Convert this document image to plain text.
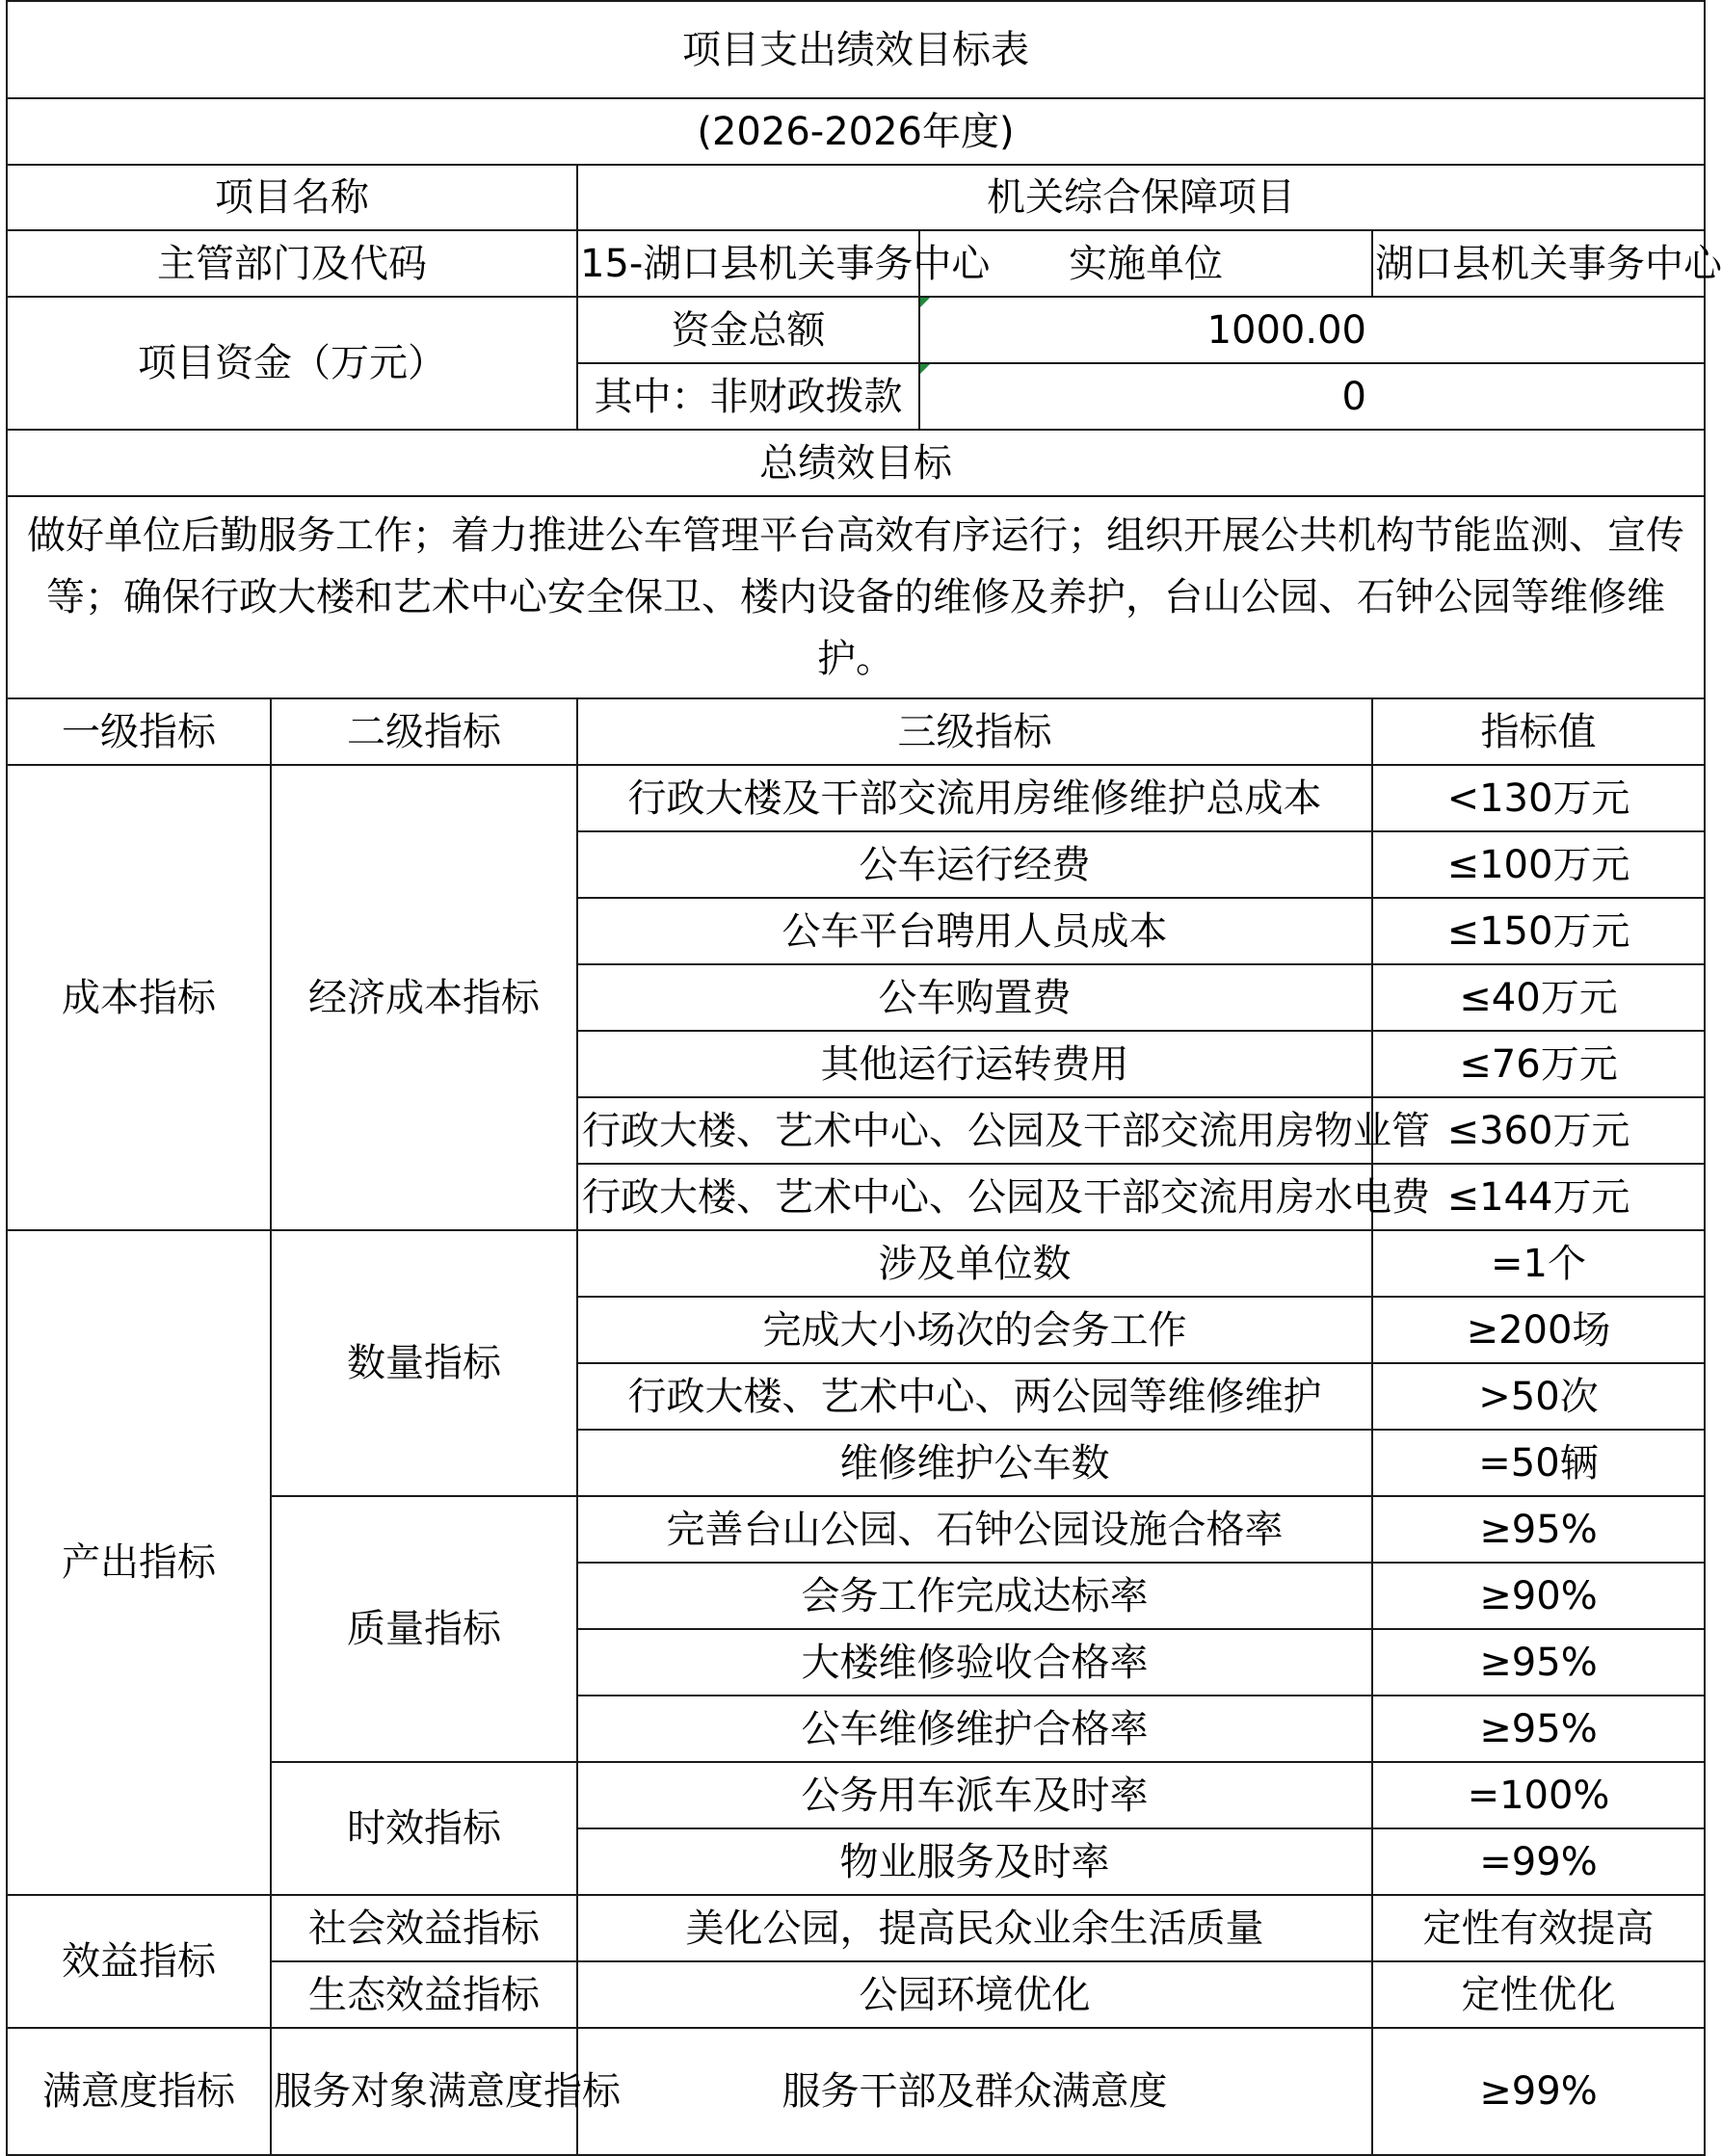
项目支出绩效目标表				
(2026-2026年度)				
项目名称		机关综合保障项目		
主管部门及代码		15-湖口县机关事务中心	实施单位	湖口县机关事务中心
项目资金（万元）		资金总额	1000.00	
		其中：非财政拨款	0	
总绩效目标				
做好单位后勤服务工作；着力推进公车管理平台高效有序运行；组织开展公共机构节能监测、宣传等；确保行政大楼和艺术中心安全保卫、楼内设备的维修及养护，台山公园、石钟公园等维修维护。				
一级指标	二级指标	三级指标		指标值
成本指标	经济成本指标	行政大楼及干部交流用房维修维护总成本		<130万元
		公车运行经费		≤100万元
		公车平台聘用人员成本		≤150万元
		公车购置费		≤40万元
		其他运行运转费用		≤76万元
		行政大楼、艺术中心、公园及干部交流用房物业管		≤360万元
		行政大楼、艺术中心、公园及干部交流用房水电费		≤144万元
产出指标	数量指标	涉及单位数		=1个
		完成大小场次的会务工作		≥200场
		行政大楼、艺术中心、两公园等维修维护		>50次
		维修维护公车数		=50辆
	质量指标	完善台山公园、石钟公园设施合格率		≥95%
		会务工作完成达标率		≥90%
		大楼维修验收合格率		≥95%
		公车维修维护合格率		≥95%
	时效指标	公务用车派车及时率		=100%
		物业服务及时率		=99%
效益指标	社会效益指标	美化公园，提高民众业余生活质量		定性有效提高
	生态效益指标	公园环境优化		定性优化
满意度指标	服务对象满意度指标	服务干部及群众满意度		≥99%
